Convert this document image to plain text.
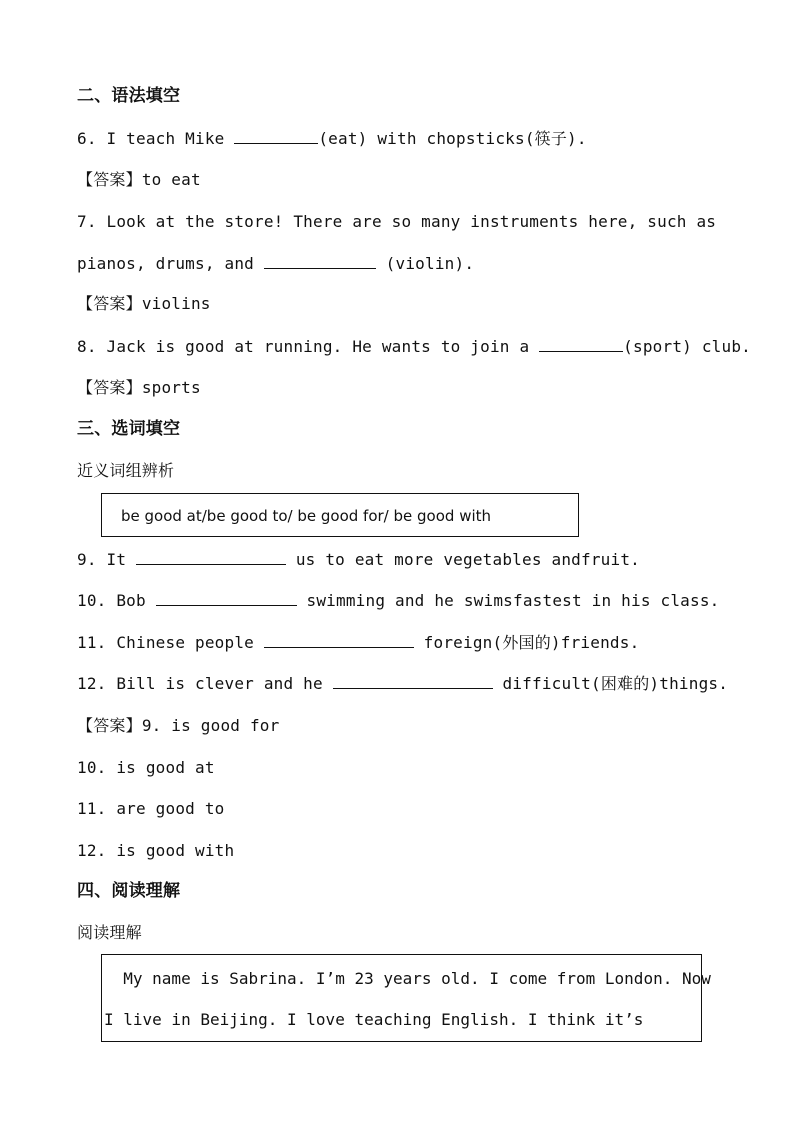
二、语法填空
6. I teach Mike	(eat) with chopsticks(筷子).
【答案】to eat
7. Look at the store! There are so many instruments here, such as
pianos, drums, and	(violin).
【答案】violins
8. Jack is good at running. He wants to join a	(sport) club.
【答案】sports
三、选词填空
近义词组辨析
be good at/be good to/ be good for/ be good with
9. It	us to eat more vegetables andfruit.
10. Bob	swimming and he swimsfastest in his class.
11. Chinese people	foreign(外国的)friends.
12. Bill is clever and he	difficult(困难的)things.
【答案】9. is good for
10. is good at
11. are good to
12. is good with
四、阅读理解
阅读理解
My name is Sabrina. I’m 23 years old. I come from London. Now
I live in Beijing. I love teaching English. I think it’s
